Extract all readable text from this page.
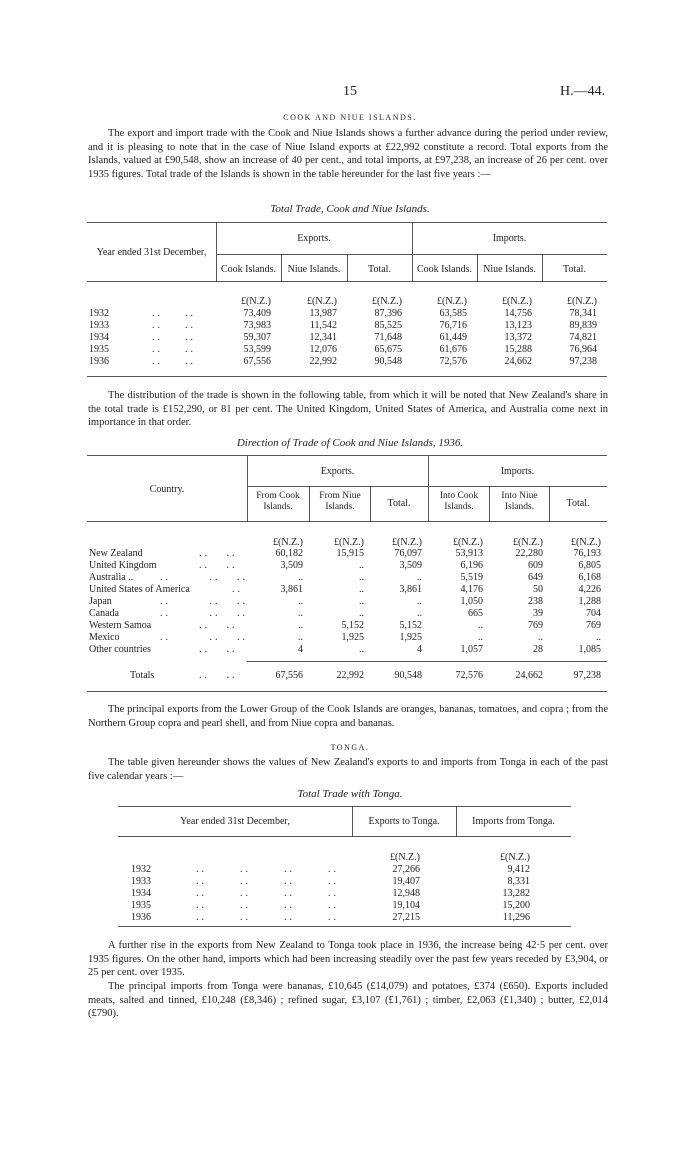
15	H.—44.
COOK AND NIUE ISLANDS.

The export and import trade with the Cook and Niue Islands shows a further advance during the period under review, and it is pleasing to note that in the case of Niue Island exports at £22,992 constitute a record. Total exports from the Islands, valued at £90,548, show an increase of 40 per cent., and total imports, at £97,238, an increase of 26 per cent. over 1935 figures. Total trade of the Islands is shown in the table hereunder for the last five years :—

Total Trade, Cook and Niue Islands.
Year ended 31st December,
Exports.	Imports.
Cook Islands.	Niue Islands.	Total.	Cook Islands.	Niue Islands.	Total.
£(N.Z.)	£(N.Z.)	£(N.Z.)	£(N.Z.)	£(N.Z.)	£(N.Z.)
1932	..    ..	73,409	13,987	87,396	63,585	14,756	78,341
1933	..    ..	73,983	11,542	85,525	76,716	13,123	89,839
1934	..    ..	59,307	12,341	71,648	61,449	13,372	74,821
1935	..    ..	53,599	12,076	65,675	61,676	15,288	76,964
1936	..    ..	67,556	22,992	90,548	72,576	24,662	97,238

The distribution of the trade is shown in the following table, from which it will be noted that New Zealand's share in the total trade is £152,290, or 81 per cent. The United Kingdom, United States of America, and Australia come next in importance in that order.

Direction of Trade of Cook and Niue Islands, 1936.
Country.
Exports.	Imports.
From Cook Islands.
From Niue Islands.	Total.
Into Cook Islands.
Into Niue Islands.	Total.
£(N.Z.)	£(N.Z.)	£(N.Z.)	£(N.Z.)	£(N.Z.)	£(N.Z.)
New Zealand	..   ..	60,182	15,915	76,097	53,913	22,280	76,193
United Kingdom	..   ..	3,509	..	3,509	6,196	609	6,805
Australia ..	..       ..   ..	..	..	..	5,519	649	6,168
United States of America	..	3,861	..	3,861	4,176	50	4,226
Japan	..       ..   ..	..	..	..	1,050	238	1,288
Canada	..       ..   ..	..	..	..	665	39	704
Western Samoa	..   ..	..	5,152	5,152	..	769	769
Mexico	..       ..   ..	..	1,925	1,925	..	..	..
Other countries	..   ..	4	..	4	1,057	28	1,085
Totals	..   ..	67,556	22,992	90,548	72,576	24,662	97,238

The principal exports from the Lower Group of the Cook Islands are oranges, bananas, tomatoes, and copra ; from the Northern Group copra and pearl shell, and from Niue copra and bananas.

TONGA.

The table given hereunder shows the values of New Zealand's exports to and imports from Tonga in each of the past five calendar years :—

Total Trade with Tonga.
Year ended 31st December,	Exports to Tonga.	Imports from Tonga.
£(N.Z.)	£(N.Z.)
1932	..      ..      ..      ..	27,266	9,412
1933	..      ..      ..      ..	19,407	8,331
1934	..      ..      ..      ..	12,948	13,282
1935	..      ..      ..      ..	19,104	15,200
1936	..      ..      ..      ..	27,215	11,296

A further rise in the exports from New Zealand to Tonga took place in 1936, the increase being 42·5 per cent. over 1935 figures. On the other hand, imports which had been increasing steadily over the past few years receded by £3,904, or 25 per cent. over 1935.

The principal imports from Tonga were bananas, £10,645 (£14,079) and potatoes, £374 (£650). Exports included meats, salted and tinned, £10,248 (£8,346) ; refined sugar, £3,107 (£1,761) ; timber, £2,063 (£1,340) ; butter, £2,014 (£790).
